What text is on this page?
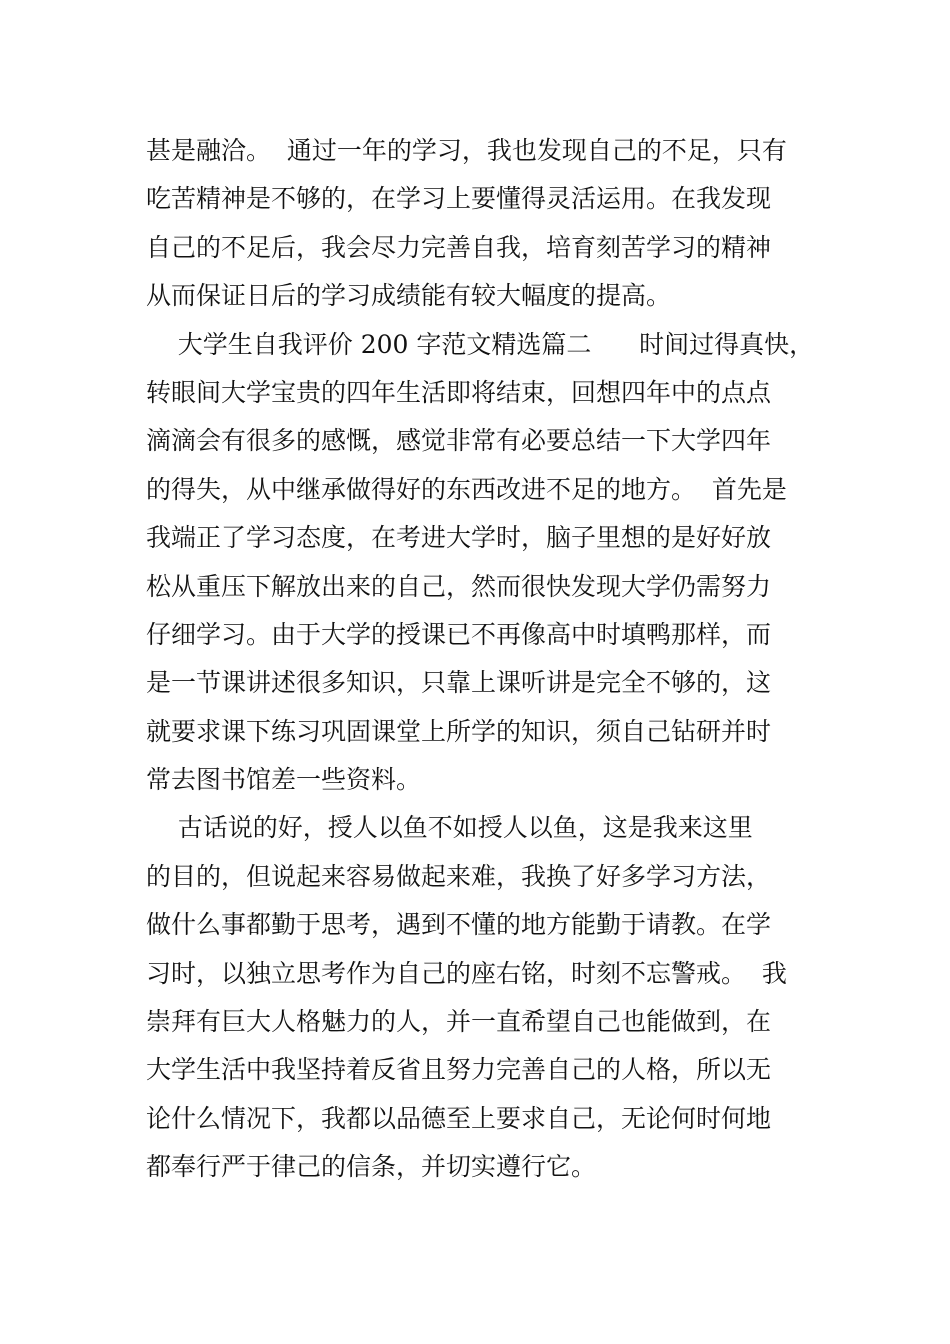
甚是融洽。  通过一年的学习，我也发现自己的不足，只有
吃苦精神是不够的，在学习上要懂得灵活运用。在我发现
自己的不足后，我会尽力完善自我，培育刻苦学习的精神
从而保证日后的学习成绩能有较大幅度的提高。
大学生自我评价 200 字范文精选篇二      时间过得真快，
转眼间大学宝贵的四年生活即将结束，回想四年中的点点
滴滴会有很多的感慨，感觉非常有必要总结一下大学四年
的得失，从中继承做得好的东西改进不足的地方。  首先是
我端正了学习态度，在考进大学时，脑子里想的是好好放
松从重压下解放出来的自己，然而很快发现大学仍需努力
仔细学习。由于大学的授课已不再像高中时填鸭那样，而
是一节课讲述很多知识，只靠上课听讲是完全不够的，这
就要求课下练习巩固课堂上所学的知识，须自己钻研并时
常去图书馆差一些资料。
古话说的好，授人以鱼不如授人以鱼，这是我来这里
的目的，但说起来容易做起来难，我换了好多学习方法，
做什么事都勤于思考，遇到不懂的地方能勤于请教。在学
习时，以独立思考作为自己的座右铭，时刻不忘警戒。  我
崇拜有巨大人格魅力的人，并一直希望自己也能做到，在
大学生活中我坚持着反省且努力完善自己的人格，所以无
论什么情况下，我都以品德至上要求自己，无论何时何地
都奉行严于律己的信条，并切实遵行它。
